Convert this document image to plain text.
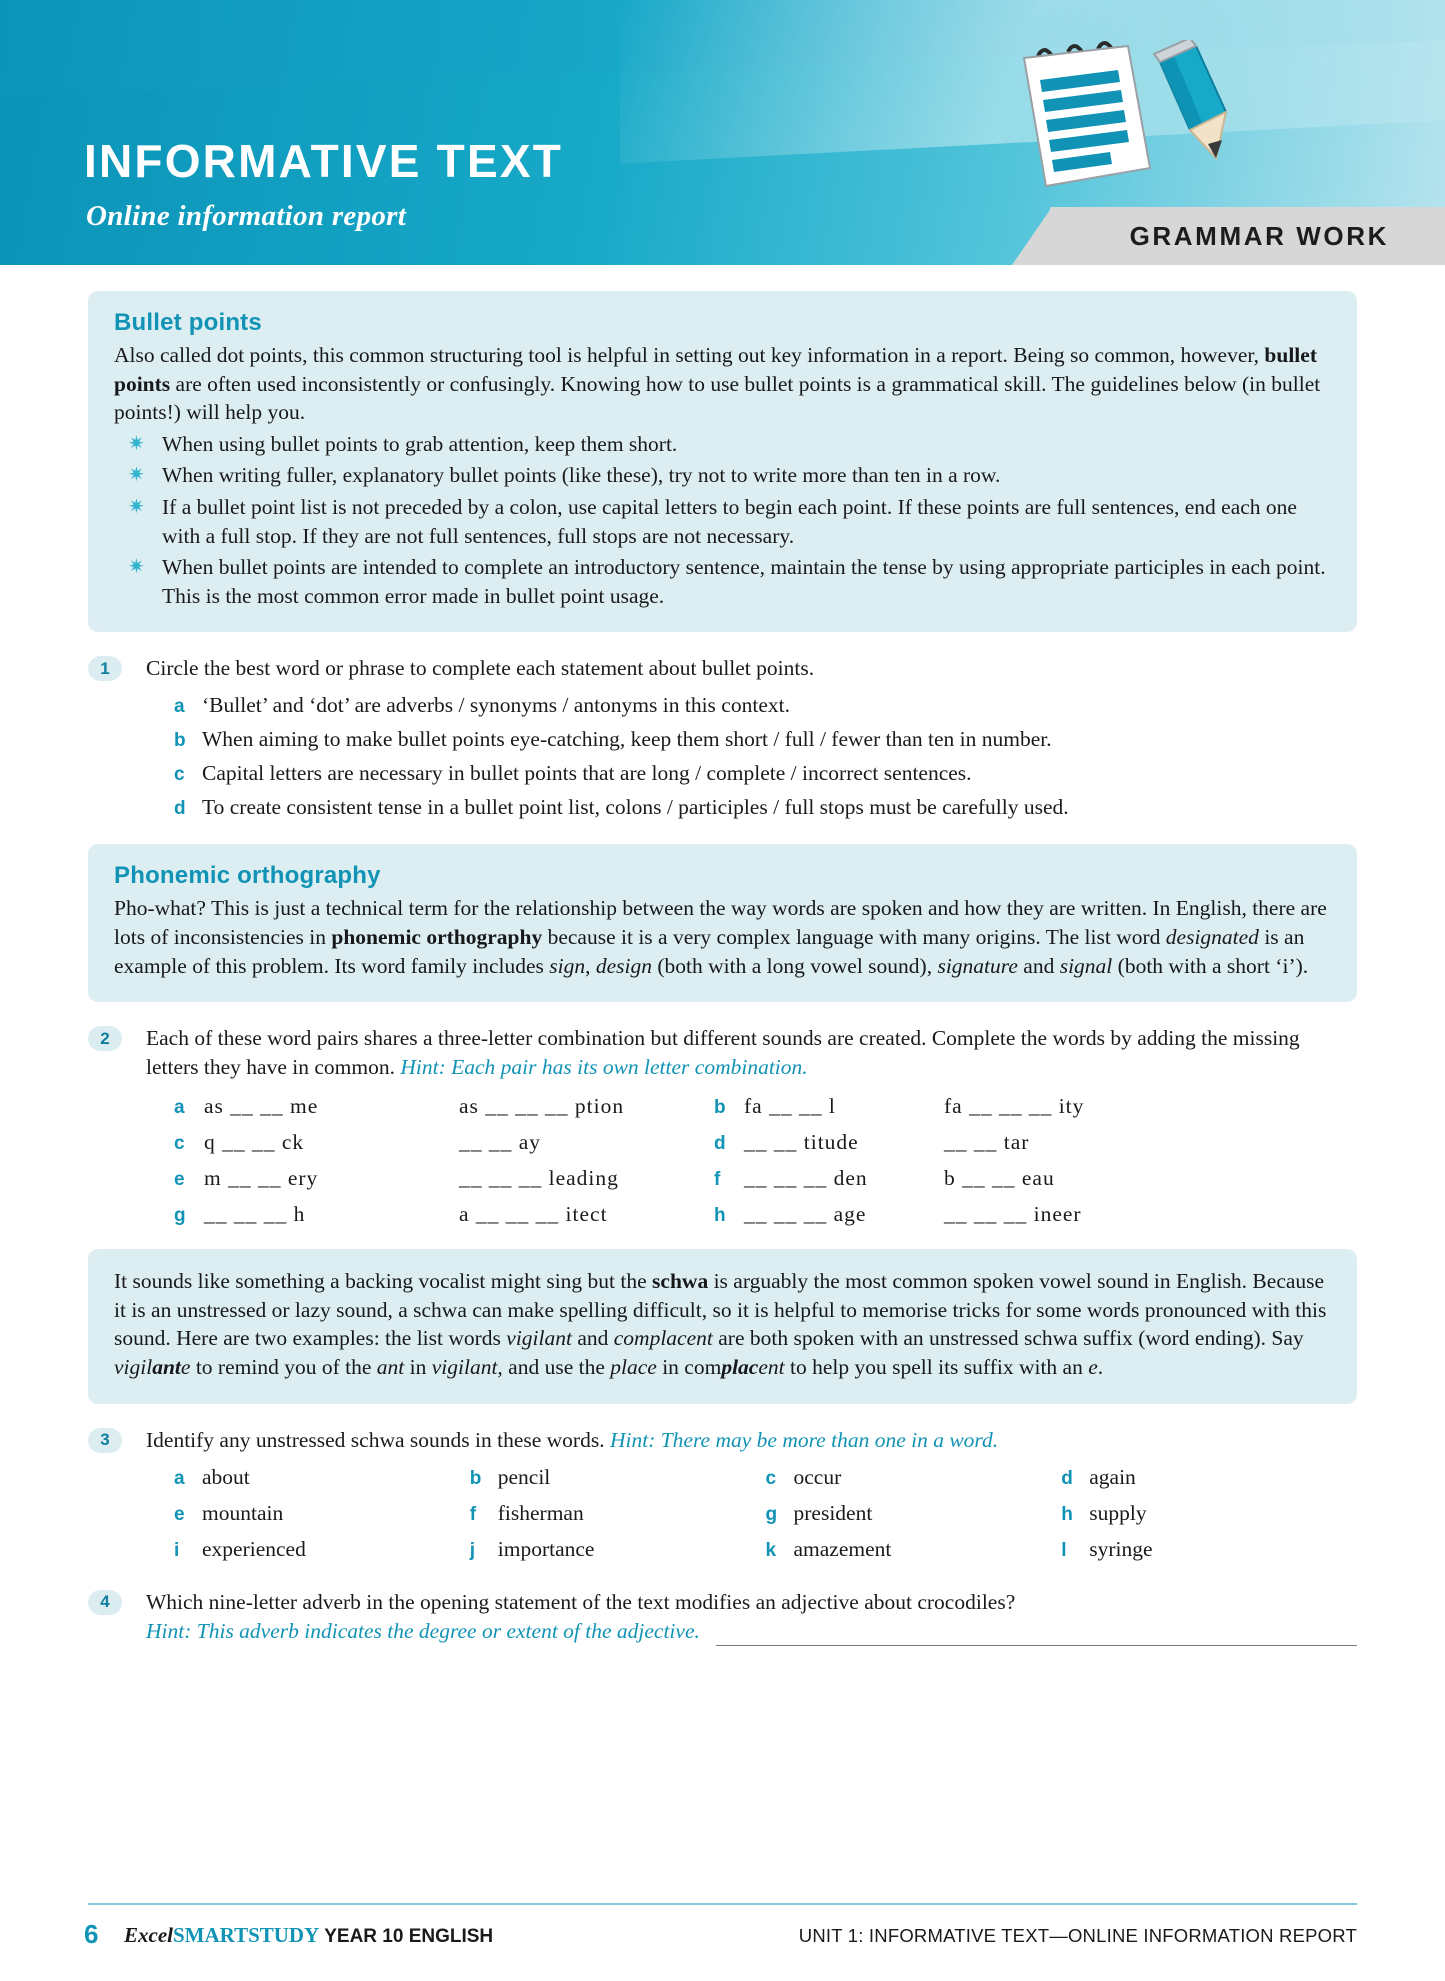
INFORMATIVE TEXT
Online information report
GRAMMAR WORK
Bullet points

Also called dot points, this common structuring tool is helpful in setting out key information in a report. Being so common, however, bullet points are often used inconsistently or confusingly. Knowing how to use bullet points is a grammatical skill. The guidelines below (in bullet points!) will help you.

✷ When using bullet points to grab attention, keep them short.
✷ When writing fuller, explanatory bullet points (like these), try not to write more than ten in a row.
✷ If a bullet point list is not preceded by a colon, use capital letters to begin each point. If these points are full sentences, end each one with a full stop. If they are not full sentences, full stops are not necessary.
✷ When bullet points are intended to complete an introductory sentence, maintain the tense by using appropriate participles in each point. This is the most common error made in bullet point usage.
1	Circle the best word or phrase to complete each statement about bullet points.
a ‘Bullet’ and ‘dot’ are adverbs / synonyms / antonyms in this context.
b When aiming to make bullet points eye-catching, keep them short / full / fewer than ten in number.
c Capital letters are necessary in bullet points that are long / complete / incorrect sentences.
d To create consistent tense in a bullet point list, colons / participles / full stops must be carefully used.
Phonemic orthography

Pho-what? This is just a technical term for the relationship between the way words are spoken and how they are written. In English, there are lots of inconsistencies in phonemic orthography because it is a very complex language with many origins. The list word designated is an example of this problem. Its word family includes sign, design (both with a long vowel sound), signature and signal (both with a short ‘i’).

2	Each of these word pairs shares a three-letter combination but different sounds are created. Complete the words by adding the missing letters they have in common. Hint: Each pair has its own letter combination.
a as __ __ me	as __ __ __ ption	b fa __ __ l	fa __ __ __ ity
c q __ __ ck	__ __ ay	d __ __ titude	__ __ tar
e m __ __ ery	__ __ __ leading	f	__ __ __ den	b __ __ eau
g __ __ __ h	a __ __ __ itect	h __ __ __ age	__ __ __ ineer

It sounds like something a backing vocalist might sing but the schwa is arguably the most common spoken vowel sound in English. Because it is an unstressed or lazy sound, a schwa can make spelling difficult, so it is helpful to memorise tricks for some words pronounced with this sound. Here are two examples: the list words vigilant and complacent are both spoken with an unstressed schwa suffix (word ending). Say vigilante to remind you of the ant in vigilant, and use the place in complacent to help you spell its suffix with an e.

3	Identify any unstressed schwa sounds in these words. Hint: There may be more than one in a word.
a about	b pencil	c occur	d again
e mountain	f	fisherman	g president	h supply
i	experienced	j	importance	k amazement	l	syringe
4	Which nine-letter adverb in the opening statement of the text modifies an adjective about crocodiles?
Hint: This adverb indicates the degree or extent of the adjective.
6 ExcelSMARTSTUDY YEAR 10 ENGLISH	UNIT 1: INFORMATIVE TEXT—ONLINE INFORMATION REPORT
